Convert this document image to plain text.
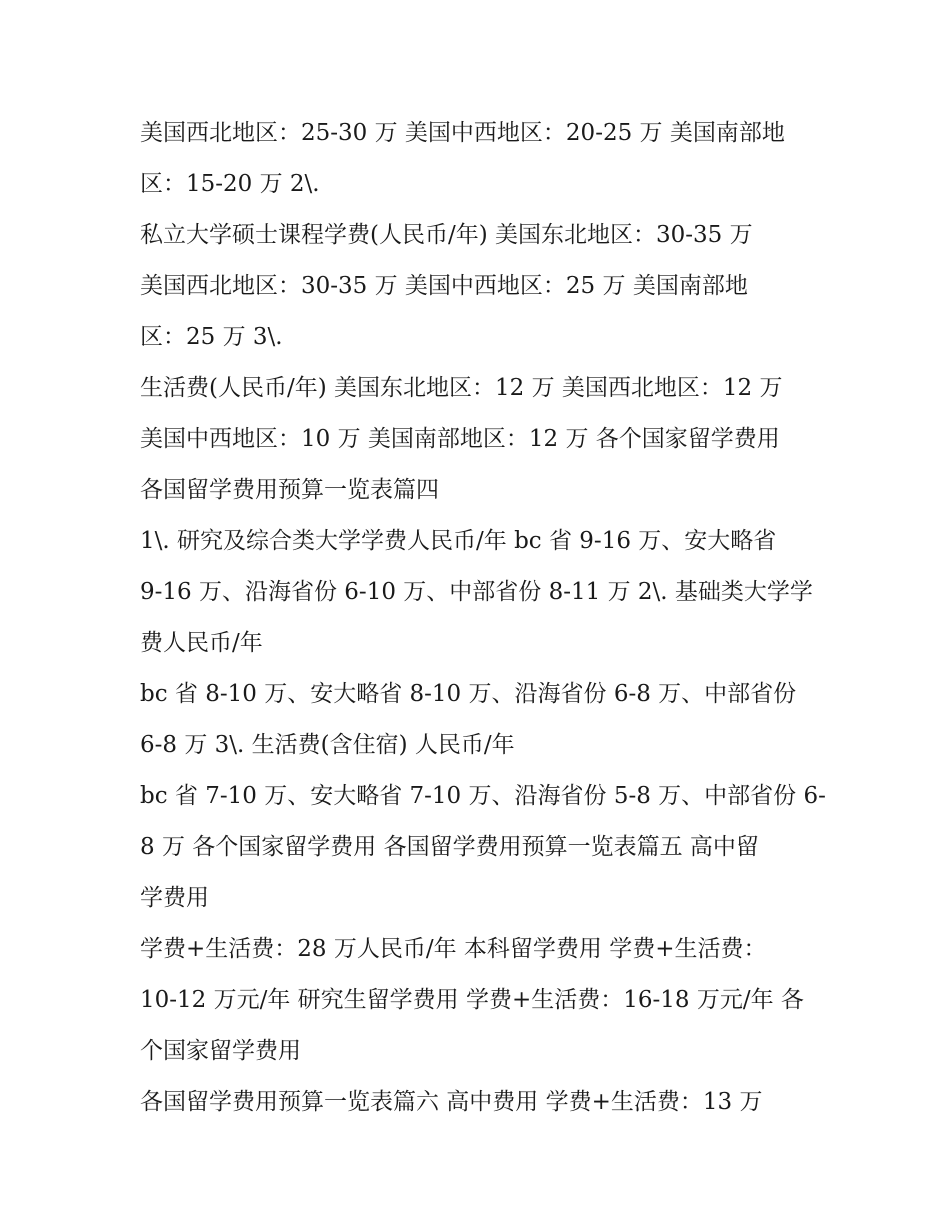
美国西北地区：25-30 万 美国中西地区：20-25 万 美国南部地
区：15-20 万 2\.
私立大学硕士课程学费(人民币/年) 美国东北地区：30-35 万
美国西北地区：30-35 万 美国中西地区：25 万 美国南部地
区：25 万 3\.
生活费(人民币/年) 美国东北地区：12 万 美国西北地区：12 万
美国中西地区：10 万 美国南部地区：12 万 各个国家留学费用
各国留学费用预算一览表篇四
1\. 研究及综合类大学学费人民币/年 bc 省 9-16 万、安大略省
9-16 万、沿海省份 6-10 万、中部省份 8-11 万 2\. 基础类大学学
费人民币/年
bc 省 8-10 万、安大略省 8-10 万、沿海省份 6-8 万、中部省份
6-8 万 3\. 生活费(含住宿) 人民币/年
bc 省 7-10 万、安大略省 7-10 万、沿海省份 5-8 万、中部省份 6-
8 万 各个国家留学费用 各国留学费用预算一览表篇五 高中留
学费用
学费+生活费：28 万人民币/年 本科留学费用 学费+生活费：
10-12 万元/年 研究生留学费用 学费+生活费：16-18 万元/年 各
个国家留学费用
各国留学费用预算一览表篇六 高中费用 学费+生活费：13 万
